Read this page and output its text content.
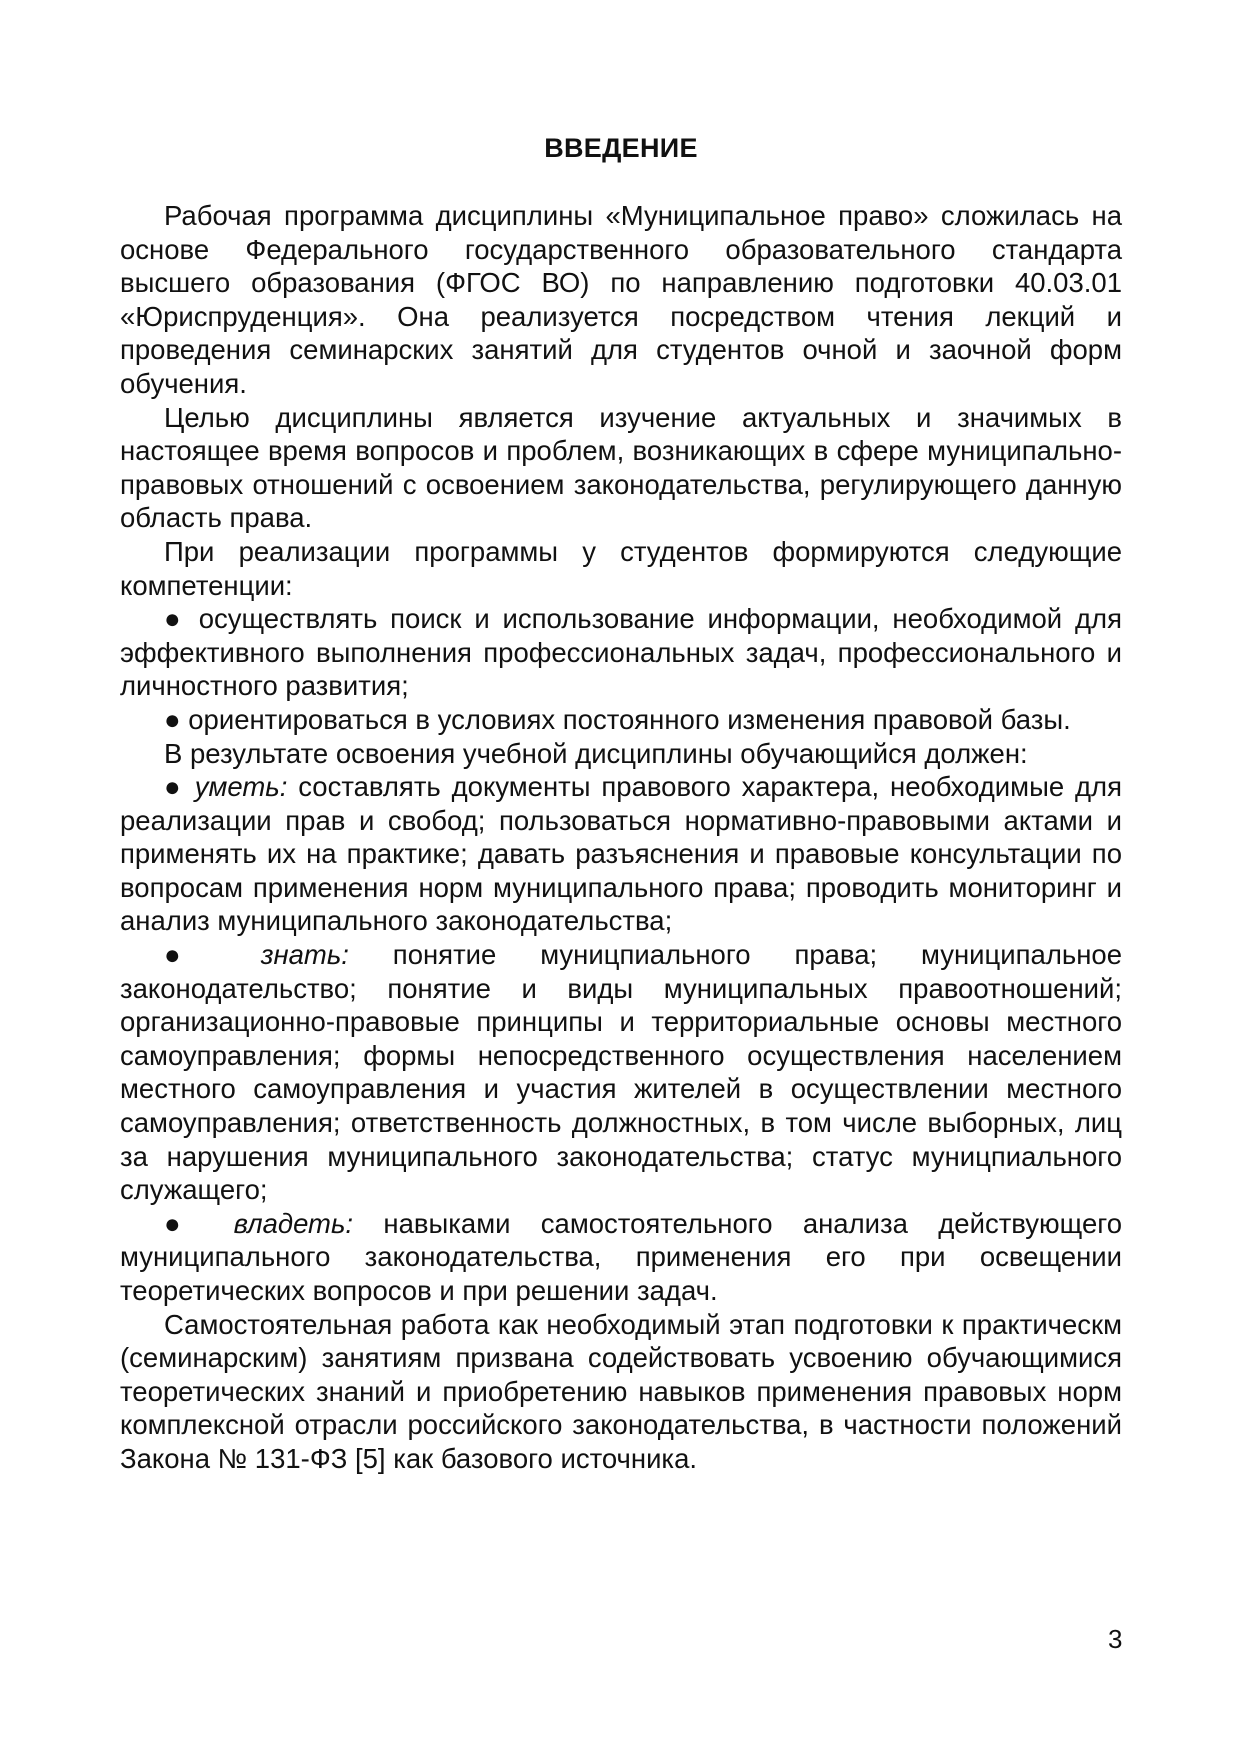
ВВЕДЕНИЕ

Рабочая программа дисциплины «Муниципальное право» сложилась на основе Федерального государственного образовательного стандарта высшего образования (ФГОС ВО) по направлению подготовки 40.03.01 «Юриспруденция». Она реализуется посредством чтения лекций и проведения семинарских занятий для студентов очной и заочной форм обучения.

Целью дисциплины является изучение актуальных и значимых в настоящее время вопросов и проблем, возникающих в сфере муниципально-правовых отношений с освоением законодательства, регулирующего данную область права.

При реализации программы у студентов формируются следующие компетенции:

● осуществлять поиск и использование информации, необходимой для эффективного выполнения профессиональных задач, профессионального и личностного развития;

● ориентироваться в условиях постоянного изменения правовой базы.

В результате освоения учебной дисциплины обучающийся должен:

● уметь: составлять документы правового характера, необходимые для реализации прав и свобод; пользоваться нормативно-правовыми актами и применять их на практике; давать разъяснения и правовые консультации по вопросам применения норм муниципального права; проводить мониторинг и анализ муниципального законодательства;

● знать: понятие муницпиального права; муниципальное законодательство; понятие и виды муниципальных правоотношений; организационно-правовые принципы и территориальные основы местного самоуправления; формы непосредственного осуществления населением местного самоуправления и участия жителей в осуществлении местного самоуправления; ответственность должностных, в том числе выборных, лиц за нарушения муниципального законодательства; статус муницпиального служащего;

● владеть: навыками самостоятельного анализа действующего муниципального законодательства, применения его при освещении теоретических вопросов и при решении задач.

Самостоятельная работа как необходимый этап подготовки к практическм (семинарским) занятиям призвана содействовать усвоению обучающимися теоретических знаний и приобретению навыков применения правовых норм комплексной отрасли российского законодательства, в частности положений Закона № 131-ФЗ [5] как базового источника.

3
